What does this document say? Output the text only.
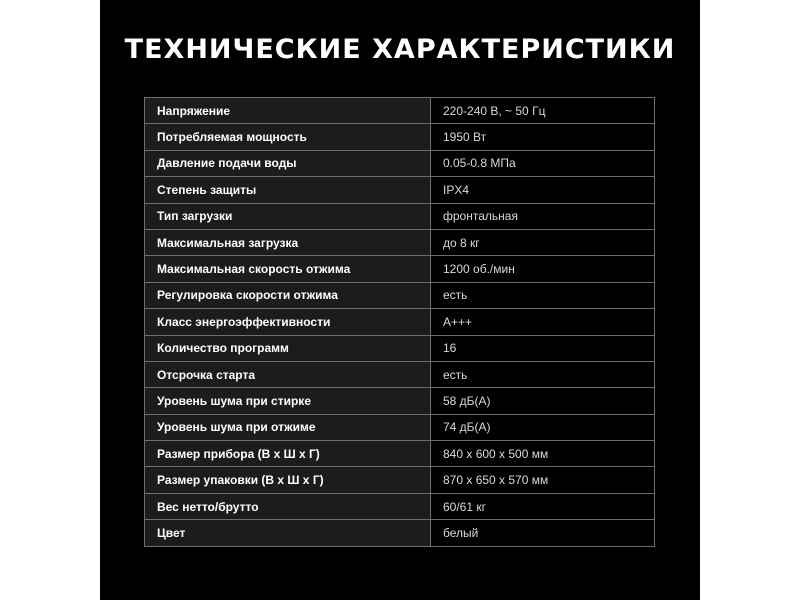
ТЕХНИЧЕСКИЕ ХАРАКТЕРИСТИКИ
Напряжение	220-240 В, ~ 50 Гц
Потребляемая мощность	1950 Вт
Давление подачи воды	0.05-0.8 МПа
Степень защиты	IPX4
Тип загрузки	фронтальная
Максимальная загрузка	до 8 кг
Максимальная скорость отжима	1200 об./мин
Регулировка скорости отжима	есть
Класс энергоэффективности	A+++
Количество программ	16
Отсрочка старта	есть
Уровень шума при стирке	58 дБ(А)
Уровень шума при отжиме	74 дБ(А)
Размер прибора (В х Ш х Г)	840 х 600 х 500 мм
Размер упаковки (В х Ш х Г)	870 х 650 х 570 мм
Вес нетто/брутто	60/61 кг
Цвет	белый
